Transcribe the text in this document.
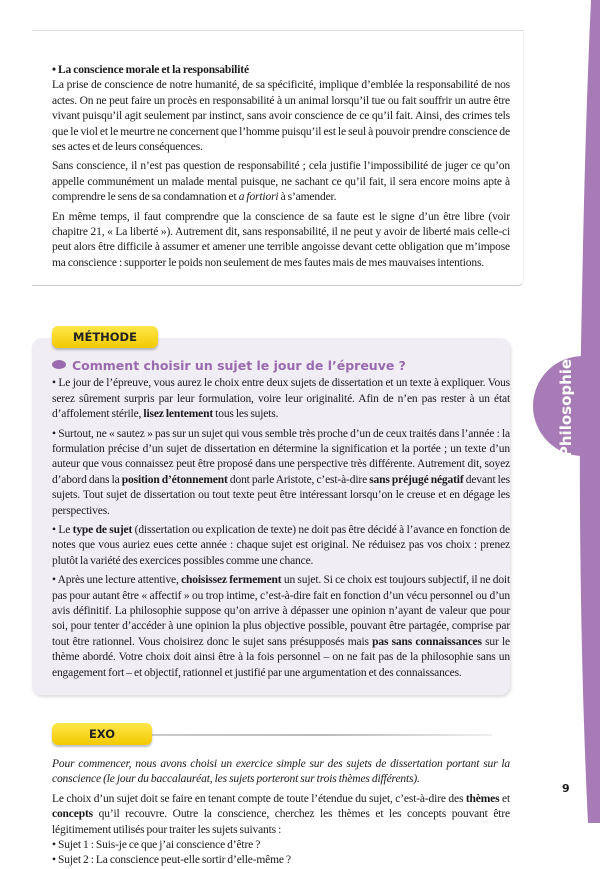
Philosophie

• La conscience morale et la responsabilité

La prise de conscience de notre humanité, de sa spécificité, implique d’emblée la responsabilité de nos actes. On ne peut faire un procès en responsabilité à un animal lorsqu’il tue ou fait souffrir un autre être vivant puisqu’il agit seulement par instinct, sans avoir conscience de ce qu’il fait. Ainsi, des crimes tels que le viol et le meurtre ne concernent que l’homme puisqu’il est le seul à pouvoir prendre conscience de ses actes et de leurs conséquences.

Sans conscience, il n’est pas question de responsabilité ; cela justifie l’impossibilité de juger ce qu’on appelle communément un malade mental puisque, ne sachant ce qu’il fait, il sera encore moins apte à comprendre le sens de sa condamnation et a fortiori à s’amender.

En même temps, il faut comprendre que la conscience de sa faute est le signe d’un être libre (voir chapitre 21, « La liberté »). Autrement dit, sans responsabilité, il ne peut y avoir de liberté mais celle-ci peut alors être difficile à assumer et amener une terrible angoisse devant cette obligation que m’impose ma conscience : supporter le poids non seulement de mes fautes mais de mes mauvaises intentions.

MÉTHODE
Comment choisir un sujet le jour de l’épreuve ?

• Le jour de l’épreuve, vous aurez le choix entre deux sujets de dissertation et un texte à expliquer. Vous serez sûrement surpris par leur formulation, voire leur originalité. Afin de n’en pas rester à un état d’affolement stérile, lisez lentement tous les sujets.

• Surtout, ne « sautez » pas sur un sujet qui vous semble très proche d’un de ceux traités dans l’année : la formulation précise d’un sujet de dissertation en détermine la signification et la portée ; un texte d’un auteur que vous connaissez peut être proposé dans une perspective très différente. Autrement dit, soyez d’abord dans la position d’étonnement dont parle Aristote, c’est-à-dire sans préjugé négatif devant les sujets. Tout sujet de dissertation ou tout texte peut être intéressant lorsqu’on le creuse et en dégage les perspectives.

• Le type de sujet (dissertation ou explication de texte) ne doit pas être décidé à l’avance en fonction de notes que vous auriez eues cette année : chaque sujet est original. Ne réduisez pas vos choix : prenez plutôt la variété des exercices possibles comme une chance.

• Après une lecture attentive, choisissez fermement un sujet. Si ce choix est toujours subjectif, il ne doit pas pour autant être « affectif » ou trop intime, c’est-à-dire fait en fonction d’un vécu personnel ou d’un avis définitif. La philosophie suppose qu’on arrive à dépasser une opinion n’ayant de valeur que pour soi, pour tenter d’accéder à une opinion la plus objective possible, pouvant être partagée, comprise par tout être rationnel. Vous choisirez donc le sujet sans présupposés mais pas sans connaissances sur le thème abordé. Votre choix doit ainsi être à la fois personnel – on ne fait pas de la philosophie sans un engagement fort – et objectif, rationnel et justifié par une argumentation et des connaissances.

EXO

Pour commencer, nous avons choisi un exercice simple sur des sujets de dissertation portant sur la conscience (le jour du baccalauréat, les sujets porteront sur trois thèmes différents).

Le choix d’un sujet doit se faire en tenant compte de toute l’étendue du sujet, c’est-à-dire des thèmes et concepts qu’il recouvre. Outre la conscience, cherchez les thèmes et les concepts pouvant être légitimement utilisés pour traiter les sujets suivants :

• Sujet 1 : Suis-je ce que j’ai conscience d’être ?
• Sujet 2 : La conscience peut-elle sortir d’elle-même ?
9
